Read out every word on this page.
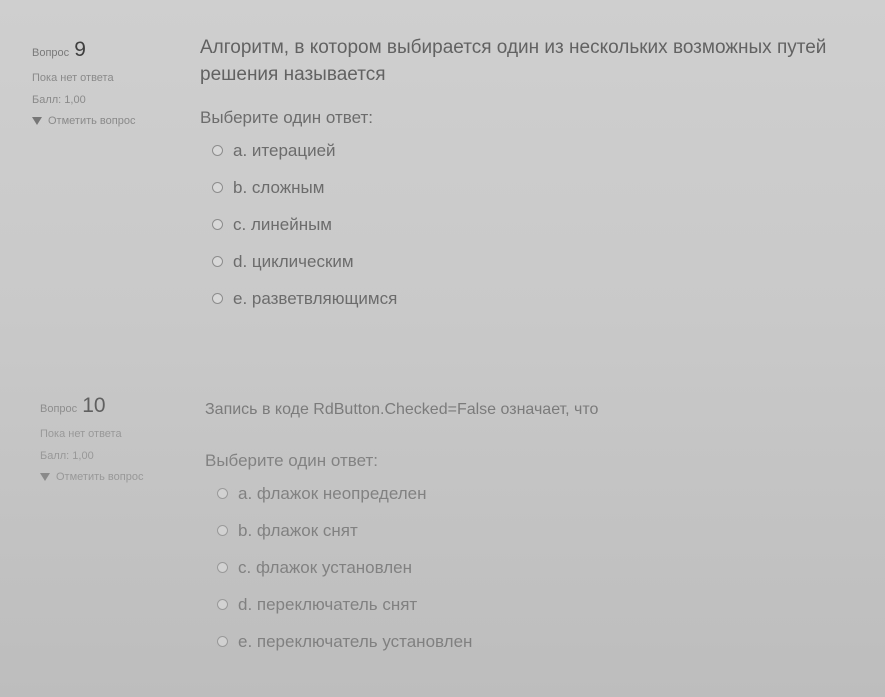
Вопрос 9
Пока нет ответа
Балл: 1,00
Отметить вопрос
Алгоритм, в котором выбирается один из нескольких возможных путей решения называется
Выберите один ответ:
a. итерацией
b. сложным
c. линейным
d. циклическим
e. разветвляющимся
Вопрос 10
Пока нет ответа
Балл: 1,00
Отметить вопрос
Запись в коде RdButton.Checked=False означает, что
Выберите один ответ:
a. флажок неопределен
b. флажок снят
c. флажок установлен
d. переключатель снят
e. переключатель установлен
